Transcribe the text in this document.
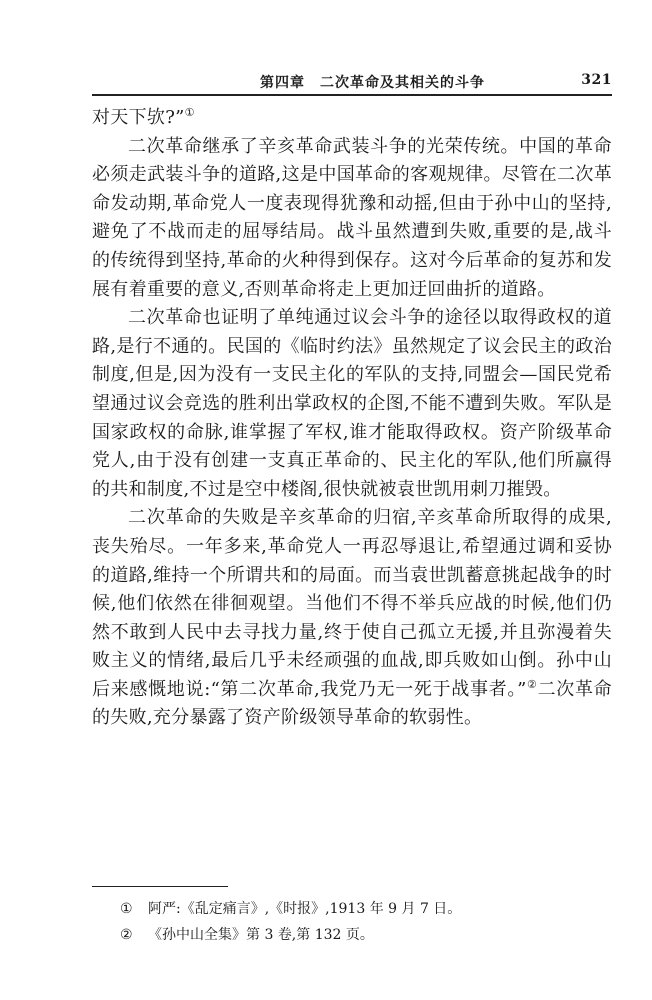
第四章　二次革命及其相关的斗争	321

对天下欤?”①

二次革命继承了辛亥革命武装斗争的光荣传统。中国的革命必须走武装斗争的道路,这是中国革命的客观规律。尽管在二次革命发动期,革命党人一度表现得犹豫和动摇,但由于孙中山的坚持,避免了不战而走的屈辱结局。战斗虽然遭到失败,重要的是,战斗的传统得到坚持,革命的火种得到保存。这对今后革命的复苏和发展有着重要的意义,否则革命将走上更加迂回曲折的道路。

二次革命也证明了单纯通过议会斗争的途径以取得政权的道路,是行不通的。民国的《临时约法》虽然规定了议会民主的政治制度,但是,因为没有一支民主化的军队的支持,同盟会—国民党希望通过议会竞选的胜利出掌政权的企图,不能不遭到失败。军队是国家政权的命脉,谁掌握了军权,谁才能取得政权。资产阶级革命党人,由于没有创建一支真正革命的、民主化的军队,他们所赢得的共和制度,不过是空中楼阁,很快就被袁世凯用刺刀摧毁。

二次革命的失败是辛亥革命的归宿,辛亥革命所取得的成果,丧失殆尽。一年多来,革命党人一再忍辱退让,希望通过调和妥协的道路,维持一个所谓共和的局面。而当袁世凯蓄意挑起战争的时候,他们依然在徘徊观望。当他们不得不举兵应战的时候,他们仍然不敢到人民中去寻找力量,终于使自己孤立无援,并且弥漫着失败主义的情绪,最后几乎未经顽强的血战,即兵败如山倒。孙中山后来感慨地说:“第二次革命,我党乃无一死于战事者。”②二次革命的失败,充分暴露了资产阶级领导革命的软弱性。

① 阿严:《乱定痛言》,《时报》,1913 年 9 月 7 日。
② 《孙中山全集》第 3 卷,第 132 页。
